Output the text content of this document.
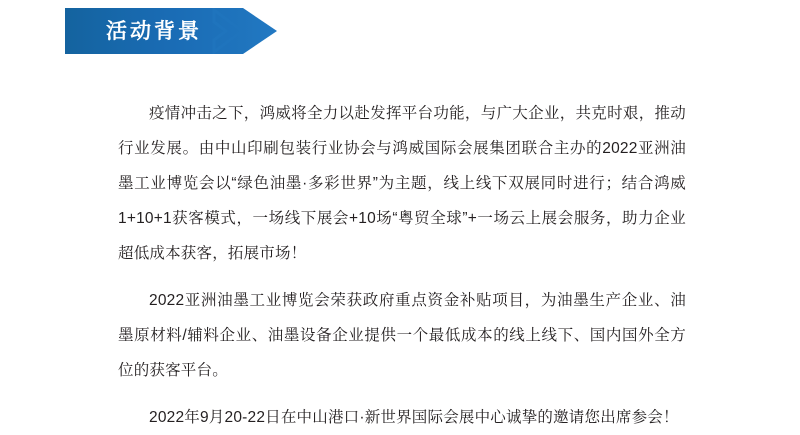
活动背景

疫情冲击之下，鸿威将全力以赴发挥平台功能，与广大企业，共克时艰，推动行业发展。由中山印刷包装行业协会与鸿威国际会展集团联合主办的2022亚洲油墨工业博览会以“绿色油墨·多彩世界”为主题，线上线下双展同时进行；结合鸿威1+10+1获客模式，一场线下展会+10场“粤贸全球”+一场云上展会服务，助力企业超低成本获客，拓展市场！

2022亚洲油墨工业博览会荣获政府重点资金补贴项目，为油墨生产企业、油墨原材料/辅料企业、油墨设备企业提供一个最低成本的线上线下、国内国外全方位的获客平台。

2022年9月20-22日在中山港口·新世界国际会展中心诚挚的邀请您出席参会！
